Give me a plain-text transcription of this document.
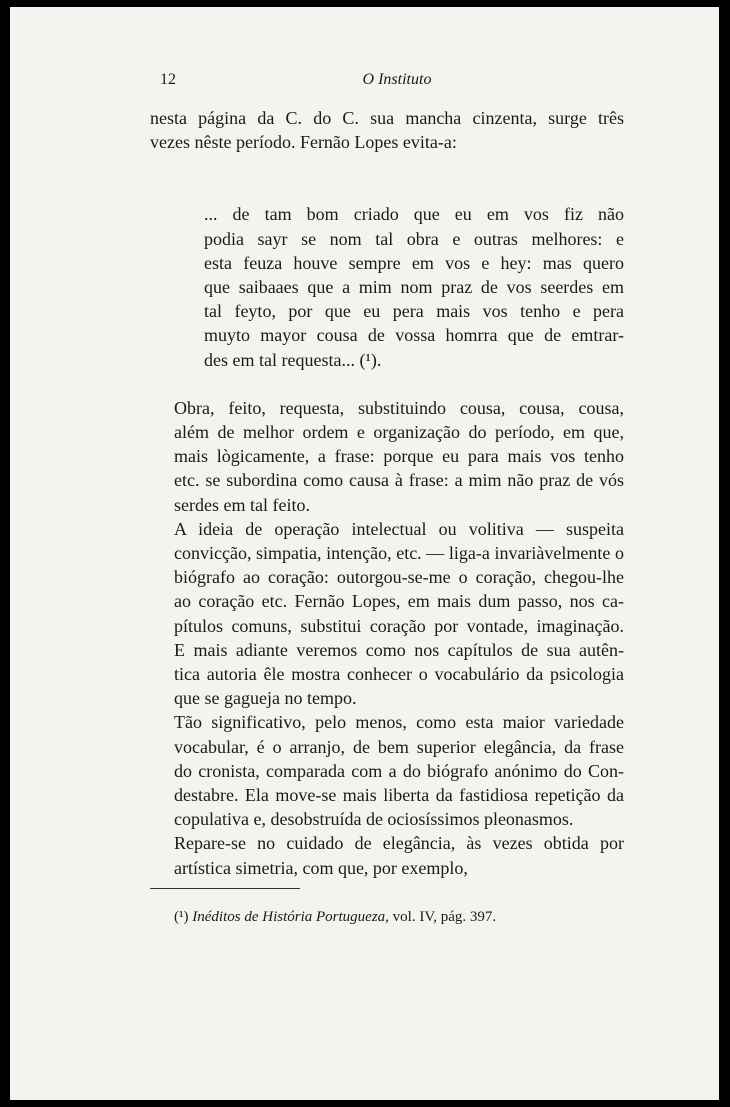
12	O Instituto

nesta página da C. do C. sua mancha cinzenta, surge três
vezes nêste período. Fernão Lopes evita-a:

... de tam bom criado que eu em vos fiz não
podia sayr se nom tal obra e outras melhores: e
esta feuza houve sempre em vos e hey: mas quero
que saibaaes que a mim nom praz de vos seerdes em
tal feyto, por que eu pera mais vos tenho e pera
muyto mayor cousa de vossa homrra que de emtrar-
des em tal requesta... (¹).

Obra, feito, requesta, substituindo cousa, cousa, cousa,
além de melhor ordem e organização do período, em que,
mais lògicamente, a frase: porque eu para mais vos tenho
etc. se subordina como causa à frase: a mim não praz de vós
serdes em tal feito.

A ideia de operação intelectual ou volitiva — suspeita
convicção, simpatia, intenção, etc. — liga-a invariàvelmente o
biógrafo ao coração: outorgou-se-me o coração, chegou-lhe
ao coração etc. Fernão Lopes, em mais dum passo, nos ca-
pítulos comuns, substitui coração por vontade, imaginação.
E mais adiante veremos como nos capítulos de sua autên-
tica autoria êle mostra conhecer o vocabulário da psicologia
que se gagueja no tempo.

Tão significativo, pelo menos, como esta maior variedade
vocabular, é o arranjo, de bem superior elegância, da frase
do cronista, comparada com a do biógrafo anónimo do Con-
destabre. Ela move-se mais liberta da fastidiosa repetição da
copulativa e, desobstruída de ociosíssimos pleonasmos.

Repare-se no cuidado de elegância, às vezes obtida por
artística simetria, com que, por exemplo,

(¹) Inéditos de História Portugueza, vol. IV, pág. 397.
